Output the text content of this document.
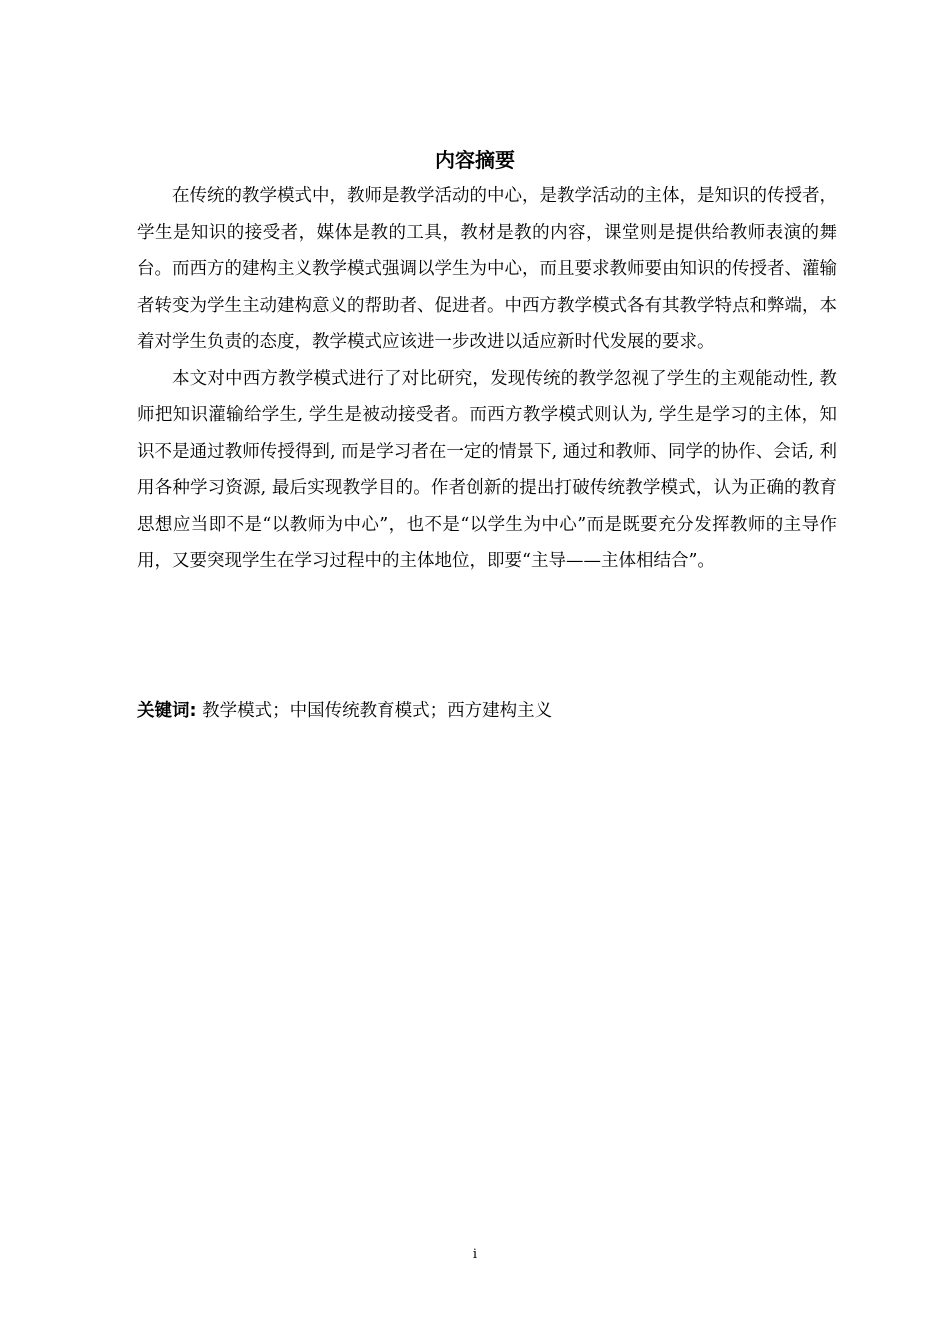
内容摘要

在传统的教学模式中，教师是教学活动的中心，是教学活动的主体，是知识的传授者，学生是知识的接受者，媒体是教的工具，教材是教的内容，课堂则是提供给教师表演的舞台。而西方的建构主义教学模式强调以学生为中心，而且要求教师要由知识的传授者、灌输者转变为学生主动建构意义的帮助者、促进者。中西方教学模式各有其教学特点和弊端，本着对学生负责的态度，教学模式应该进一步改进以适应新时代发展的要求。

本文对中西方教学模式进行了对比研究，发现传统的教学忽视了学生的主观能动性, 教师把知识灌输给学生, 学生是被动接受者。而西方教学模式则认为, 学生是学习的主体，知识不是通过教师传授得到, 而是学习者在一定的情景下, 通过和教师、同学的协作、会话, 利用各种学习资源, 最后实现教学目的。作者创新的提出打破传统教学模式，认为正确的教育思想应当即不是“以教师为中心”，也不是“以学生为中心”而是既要充分发挥教师的主导作用，又要突现学生在学习过程中的主体地位，即要“主导——主体相结合”。

关键词: 教学模式；中国传统教育模式；西方建构主义
i
